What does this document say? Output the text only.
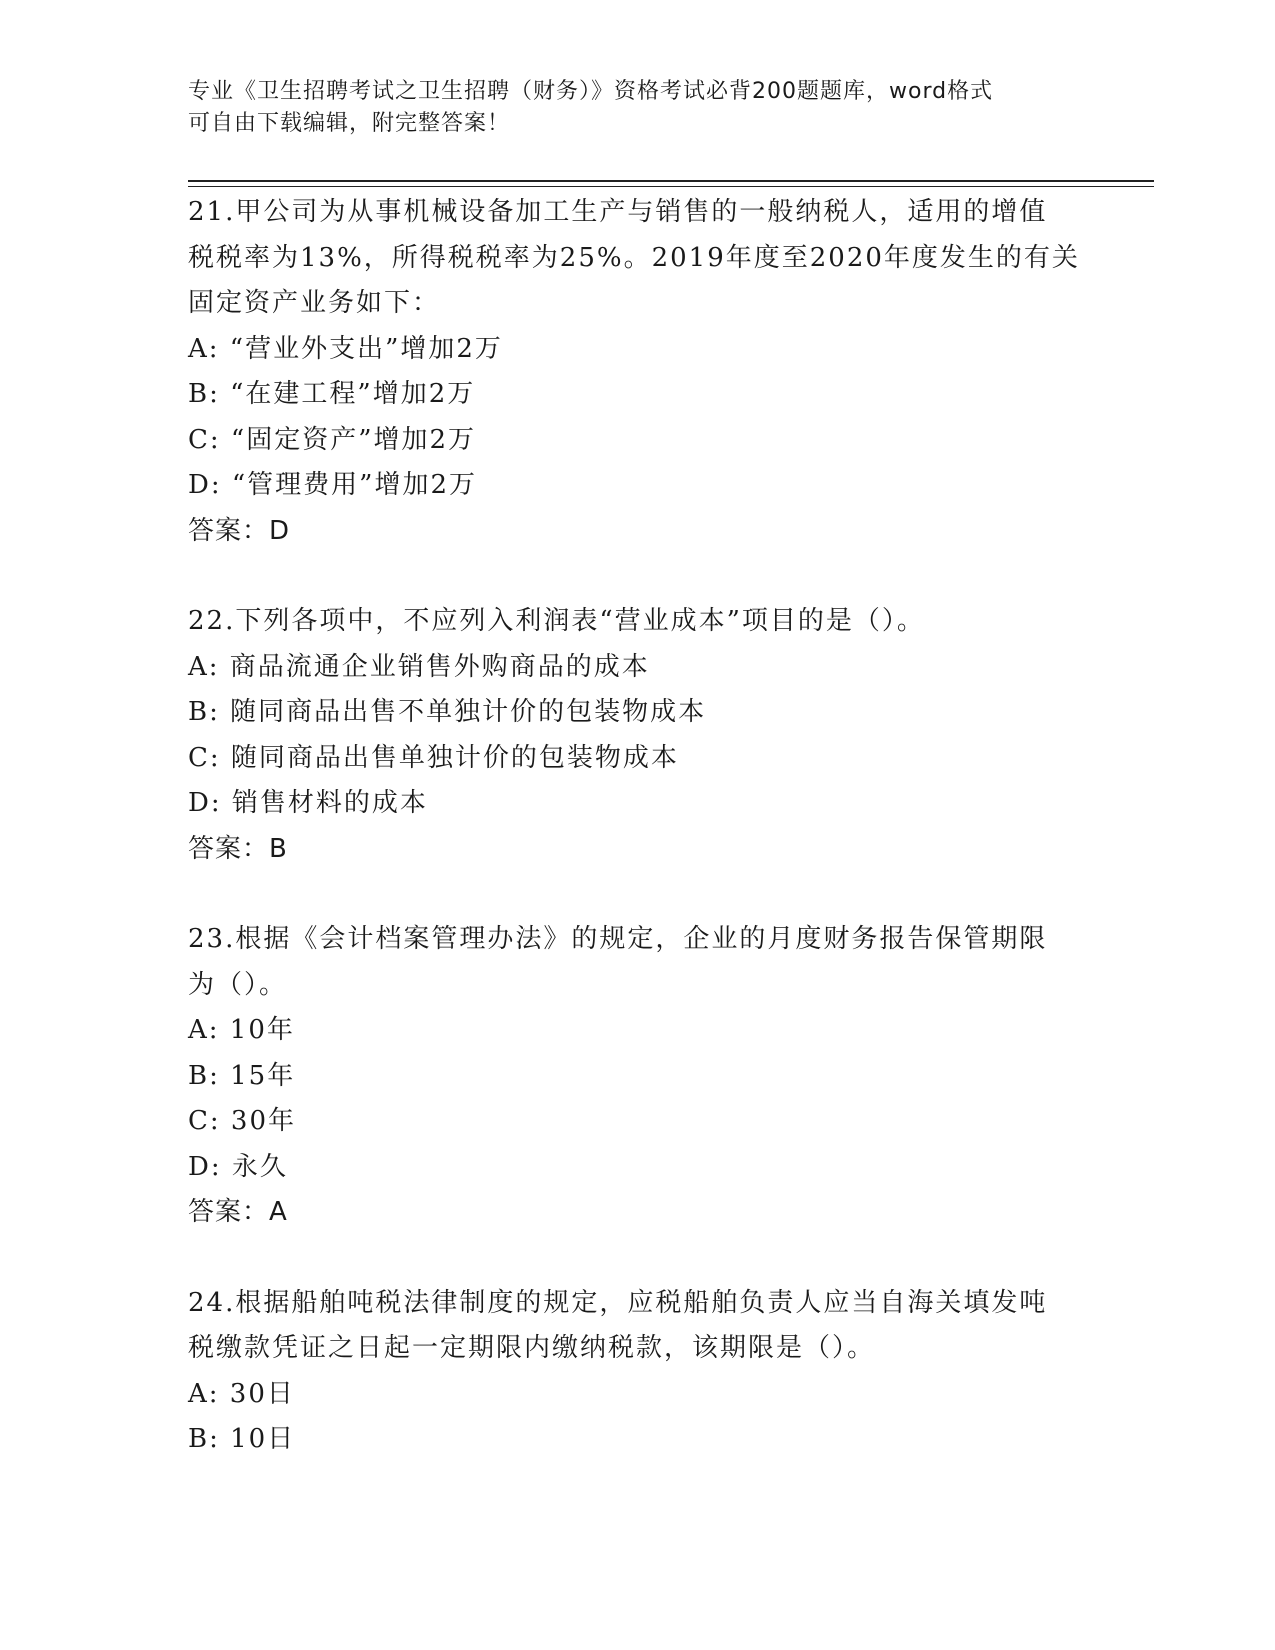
专业《卫生招聘考试之卫生招聘（财务）》资格考试必背200题题库，word格式
可自由下载编辑，附完整答案！
21.甲公司为从事机械设备加工生产与销售的一般纳税人，适用的增值
税税率为13%，所得税税率为25%。2019年度至2020年度发生的有关
固定资产业务如下：
A: “营业外支出”增加2万
B: “在建工程”增加2万
C: “固定资产”增加2万
D: “管理费用”增加2万
答案：D
22.下列各项中，不应列入利润表“营业成本”项目的是（）。
A: 商品流通企业销售外购商品的成本
B: 随同商品出售不单独计价的包装物成本
C: 随同商品出售单独计价的包装物成本
D: 销售材料的成本
答案：B
23.根据《会计档案管理办法》的规定，企业的月度财务报告保管期限
为（）。
A: 10年
B: 15年
C: 30年
D: 永久
答案：A
24.根据船舶吨税法律制度的规定，应税船舶负责人应当自海关填发吨
税缴款凭证之日起一定期限内缴纳税款，该期限是（）。
A: 30日
B: 10日
